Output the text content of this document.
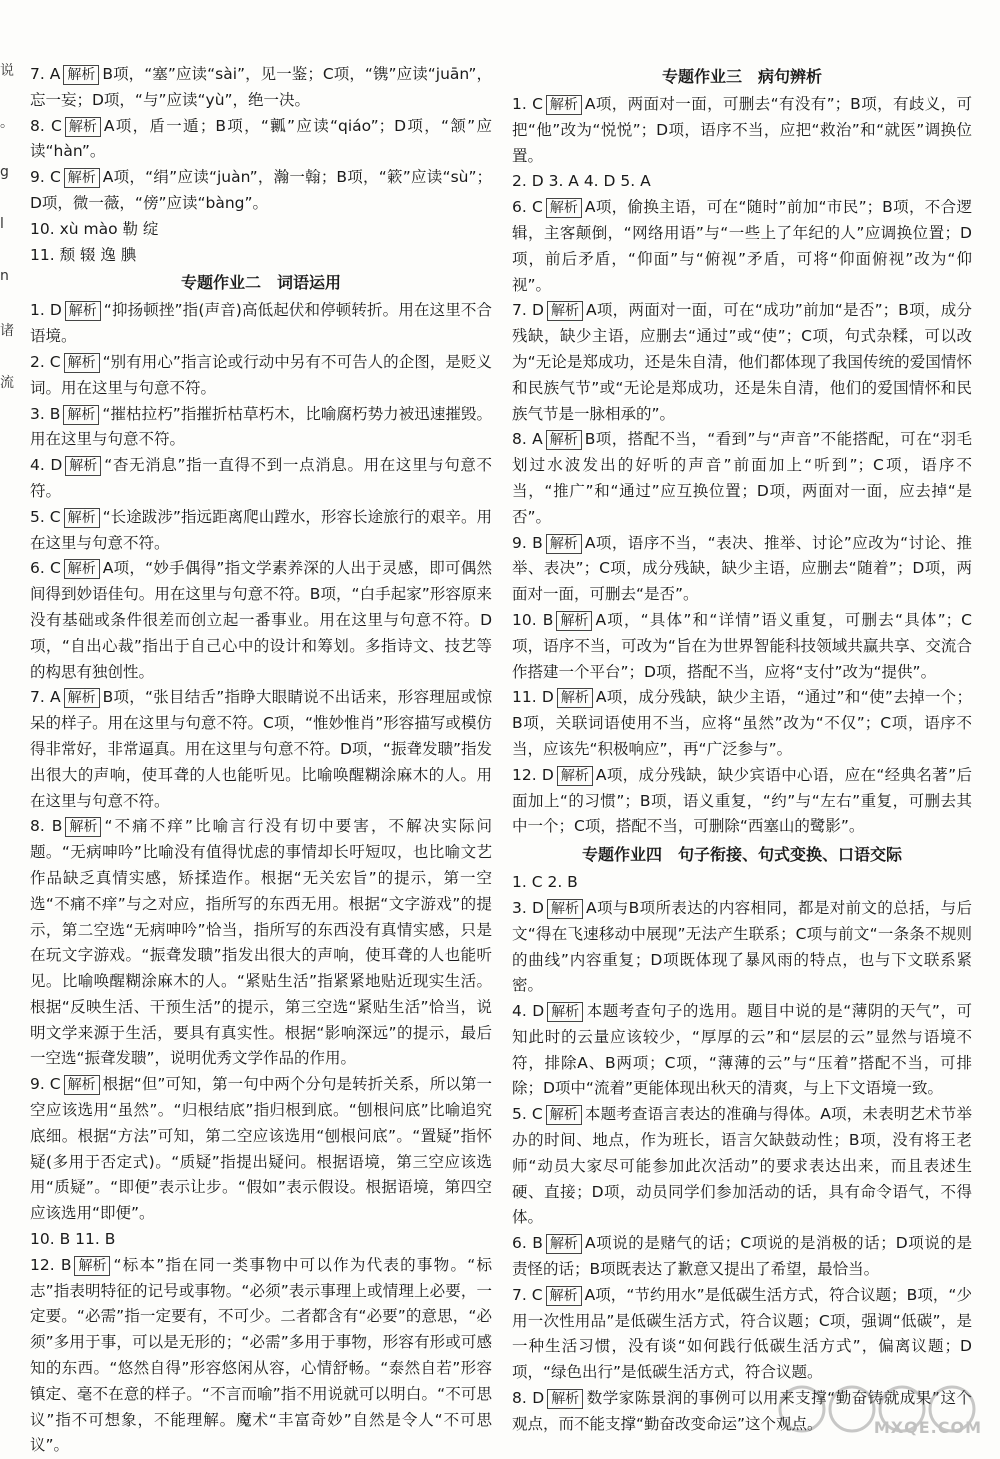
说
。
g
l
n
诸
流

7. A 解析 B项，“塞”应读“sài”，见一鉴；C项，“镌”应读“juān”，忘一妄；D项，“与”应读“yù”，绝一决。

8. C 解析 A项，盾一遁；B项，“瓤”应读“qiáo”；D项，“颔”应读“hàn”。

9. C 解析 A项，“绢”应读“juàn”，瀚一翰；B项，“簌”应读“sù”；D项，微一薇，“傍”应读“bàng”。

10. xù mào 勒 绽

11. 颓 辍 逸 腆

专题作业二　词语运用

1. D 解析 “抑扬顿挫”指(声音)高低起伏和停顿转折。用在这里不合语境。

2. C 解析 “别有用心”指言论或行动中另有不可告人的企图，是贬义词。用在这里与句意不符。

3. B 解析 “摧枯拉朽”指摧折枯草朽木，比喻腐朽势力被迅速摧毁。用在这里与句意不符。

4. D 解析 “杳无消息”指一直得不到一点消息。用在这里与句意不符。

5. C 解析 “长途跋涉”指远距离爬山蹚水，形容长途旅行的艰辛。用在这里与句意不符。

6. C 解析 A项，“妙手偶得”指文学素养深的人出于灵感，即可偶然间得到妙语佳句。用在这里与句意不符。B项，“白手起家”形容原来没有基础或条件很差而创立起一番事业。用在这里与句意不符。D项，“自出心裁”指出于自己心中的设计和筹划。多指诗文、技艺等的构思有独创性。

7. A 解析 B项，“张目结舌”指睁大眼睛说不出话来，形容理屈或惊呆的样子。用在这里与句意不符。C项，“惟妙惟肖”形容描写或模仿得非常好，非常逼真。用在这里与句意不符。D项，“振聋发聩”指发出很大的声响，使耳聋的人也能听见。比喻唤醒糊涂麻木的人。用在这里与句意不符。

8. B 解析 “不痛不痒”比喻言行没有切中要害，不解决实际问题。“无病呻吟”比喻没有值得忧虑的事情却长吁短叹，也比喻文艺作品缺乏真情实感，矫揉造作。根据“无关宏旨”的提示，第一空选“不痛不痒”与之对应，指所写的东西无用。根据“文字游戏”的提示，第二空选“无病呻吟”恰当，指所写的东西没有真情实感，只是在玩文字游戏。“振聋发聩”指发出很大的声响，使耳聋的人也能听见。比喻唤醒糊涂麻木的人。“紧贴生活”指紧紧地贴近现实生活。根据“反映生活、干预生活”的提示，第三空选“紧贴生活”恰当，说明文学来源于生活，要具有真实性。根据“影响深远”的提示，最后一空选“振聋发聩”，说明优秀文学作品的作用。

9. C 解析 根据“但”可知，第一句中两个分句是转折关系，所以第一空应该选用“虽然”。“归根结底”指归根到底。“刨根问底”比喻追究底细。根据“方法”可知，第二空应该选用“刨根问底”。“置疑”指怀疑(多用于否定式)。“质疑”指提出疑问。根据语境，第三空应该选用“质疑”。“即便”表示让步。“假如”表示假设。根据语境，第四空应该选用“即便”。

10. B 11. B

12. B 解析 “标本”指在同一类事物中可以作为代表的事物。“标志”指表明特征的记号或事物。“必须”表示事理上或情理上必要，一定要。“必需”指一定要有，不可少。二者都含有“必要”的意思，“必须”多用于事，可以是无形的；“必需”多用于事物，形容有形或可感知的东西。“悠然自得”形容悠闲从容，心情舒畅。“泰然自若”形容镇定、毫不在意的样子。“不言而喻”指不用说就可以明白。“不可思议”指不可想象，不能理解。魔术“丰富奇妙”自然是令人“不可思议”。

专题作业三　病句辨析

1. C 解析 A项，两面对一面，可删去“有没有”；B项，有歧义，可把“他”改为“悦悦”；D项，语序不当，应把“救治”和“就医”调换位置。

2. D 3. A 4. D 5. A

6. C 解析 A项，偷换主语，可在“随时”前加“市民”；B项，不合逻辑，主客颠倒，“网络用语”与“一些上了年纪的人”应调换位置；D项，前后矛盾，“仰面”与“俯视”矛盾，可将“仰面俯视”改为“仰视”。

7. D 解析 A项，两面对一面，可在“成功”前加“是否”；B项，成分残缺，缺少主语，应删去“通过”或“使”；C项，句式杂糅，可以改为“无论是郑成功，还是朱自清，他们都体现了我国传统的爱国情怀和民族气节”或“无论是郑成功，还是朱自清，他们的爱国情怀和民族气节是一脉相承的”。

8. A 解析 B项，搭配不当，“看到”与“声音”不能搭配，可在“羽毛划过水波发出的好听的声音”前面加上“听到”；C项，语序不当，“推广”和“通过”应互换位置；D项，两面对一面，应去掉“是否”。

9. B 解析 A项，语序不当，“表决、推举、讨论”应改为“讨论、推举、表决”；C项，成分残缺，缺少主语，应删去“随着”；D项，两面对一面，可删去“是否”。

10. B 解析 A项，“具体”和“详情”语义重复，可删去“具体”；C项，语序不当，可改为“旨在为世界智能科技领域共赢共享、交流合作搭建一个平台”；D项，搭配不当，应将“支付”改为“提供”。

11. D 解析 A项，成分残缺，缺少主语，“通过”和“使”去掉一个；B项，关联词语使用不当，应将“虽然”改为“不仅”；C项，语序不当，应该先“积极响应”，再“广泛参与”。

12. D 解析 A项，成分残缺，缺少宾语中心语，应在“经典名著”后面加上“的习惯”；B项，语义重复，“约”与“左右”重复，可删去其中一个；C项，搭配不当，可删除“西塞山的鹭影”。

专题作业四　句子衔接、句式变换、口语交际

1. C 2. B

3. D 解析 A项与B项所表达的内容相同，都是对前文的总括，与后文“得在飞速移动中展现”无法产生联系；C项与前文“一条条不规则的曲线”内容重复；D项既体现了暴风雨的特点，也与下文联系紧密。

4. D 解析 本题考查句子的选用。题目中说的是“薄阴的天气”，可知此时的云量应该较少，“厚厚的云”和“层层的云”显然与语境不符，排除A、B两项；C项，“薄薄的云”与“压着”搭配不当，可排除；D项中“流着”更能体现出秋天的清爽，与上下文语境一致。

5. C 解析 本题考查语言表达的准确与得体。A项，未表明艺术节举办的时间、地点，作为班长，语言欠缺鼓动性；B项，没有将王老师“动员大家尽可能参加此次活动”的要求表达出来，而且表述生硬、直接；D项，动员同学们参加活动的话，具有命令语气，不得体。

6. B 解析 A项说的是赌气的话；C项说的是消极的话；D项说的是责怪的话；B项既表达了歉意又提出了希望，最恰当。

7. C 解析 A项，“节约用水”是低碳生活方式，符合议题；B项，“少用一次性用品”是低碳生活方式，符合议题；C项，强调“低碳”，是一种生活习惯，没有谈“如何践行低碳生活方式”，偏离议题；D项，“绿色出行”是低碳生活方式，符合议题。

8. D 解析 数学家陈景润的事例可以用来支撑“勤奋铸就成果”这个观点，而不能支撑“勤奋改变命运”这个观点。	MXQE.COM
